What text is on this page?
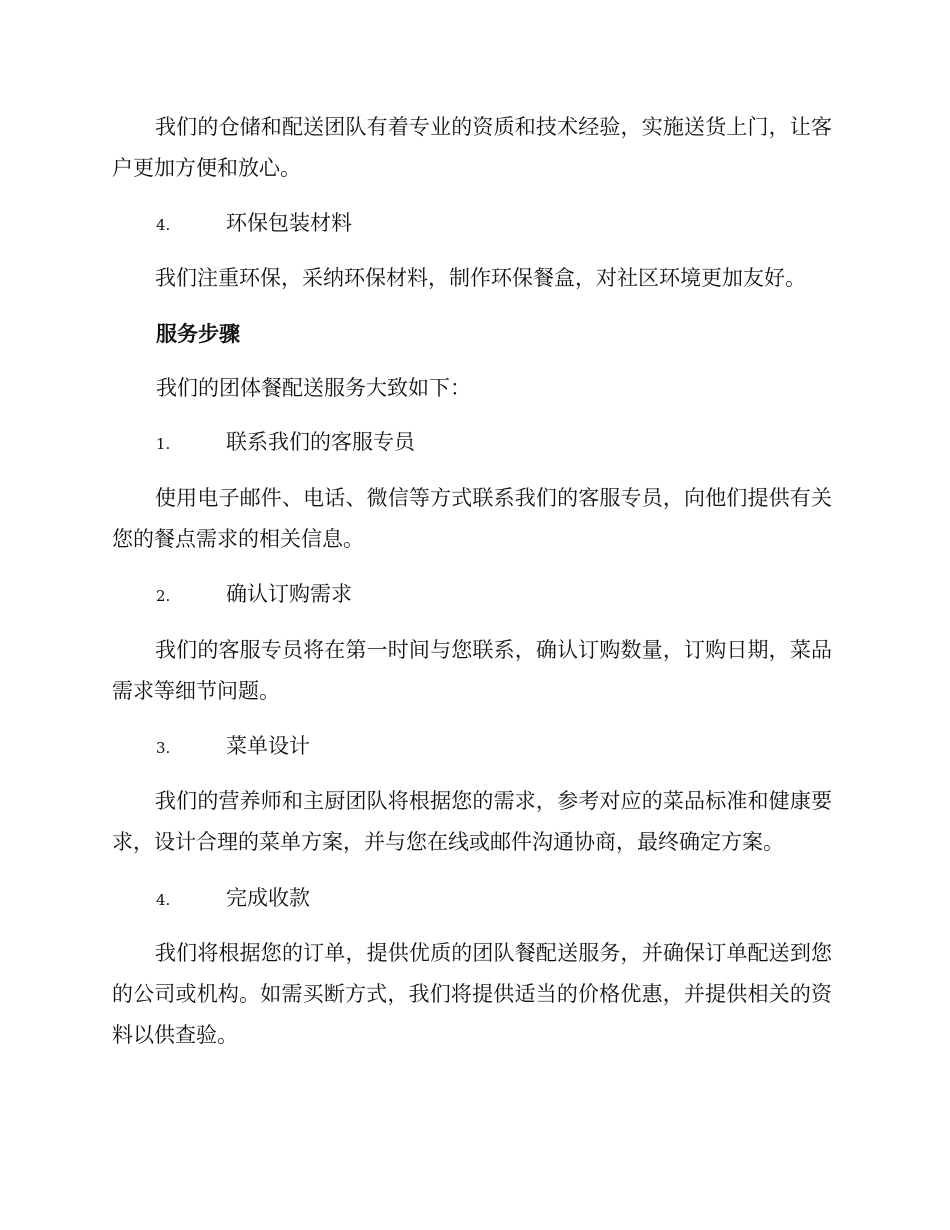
我们的仓储和配送团队有着专业的资质和技术经验，实施送货上门，让客户更加方便和放心。
4.	环保包装材料
我们注重环保，采纳环保材料，制作环保餐盒，对社区环境更加友好。
服务步骤
我们的团体餐配送服务大致如下：
1.	联系我们的客服专员
使用电子邮件、电话、微信等方式联系我们的客服专员，向他们提供有关您的餐点需求的相关信息。
2.	确认订购需求
我们的客服专员将在第一时间与您联系，确认订购数量，订购日期，菜品需求等细节问题。
3.	菜单设计
我们的营养师和主厨团队将根据您的需求，参考对应的菜品标准和健康要求，设计合理的菜单方案，并与您在线或邮件沟通协商，最终确定方案。
4.	完成收款
我们将根据您的订单，提供优质的团队餐配送服务，并确保订单配送到您的公司或机构。如需买断方式，我们将提供适当的价格优惠，并提供相关的资料以供查验。
